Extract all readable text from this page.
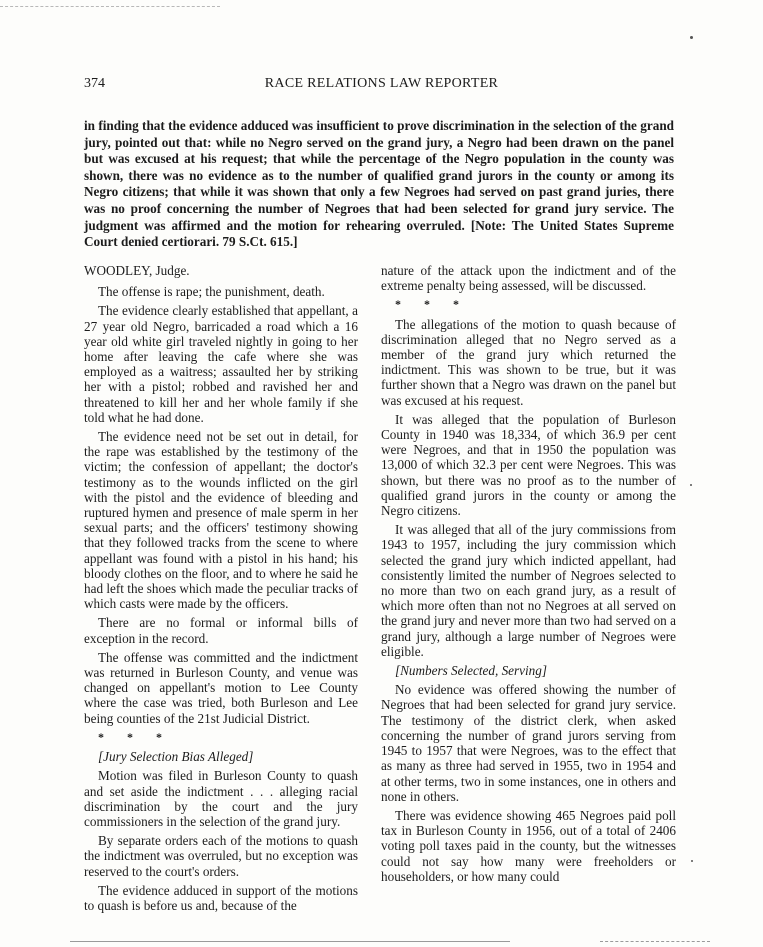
374	RACE RELATIONS LAW REPORTER
in finding that the evidence adduced was insufficient to prove discrimination in the selection of the grand jury, pointed out that: while no Negro served on the grand jury, a Negro had been drawn on the panel but was excused at his request; that while the percentage of the Negro population in the county was shown, there was no evidence as to the number of qualified grand jurors in the county or among its Negro citizens; that while it was shown that only a few Negroes had served on past grand juries, there was no proof concerning the number of Negroes that had been selected for grand jury service. The judgment was affirmed and the motion for rehearing overruled. [Note: The United States Supreme Court denied certiorari. 79 S.Ct. 615.]

WOODLEY, Judge.

The offense is rape; the punishment, death.

The evidence clearly established that appellant, a 27 year old Negro, barricaded a road which a 16 year old white girl traveled nightly in going to her home after leaving the cafe where she was employed as a waitress; assaulted her by striking her with a pistol; robbed and ravished her and threatened to kill her and her whole family if she told what he had done.

The evidence need not be set out in detail, for the rape was established by the testimony of the victim; the confession of appellant; the doctor's testimony as to the wounds inflicted on the girl with the pistol and the evidence of bleeding and ruptured hymen and presence of male sperm in her sexual parts; and the officers' testimony showing that they followed tracks from the scene to where appellant was found with a pistol in his hand; his bloody clothes on the floor, and to where he said he had left the shoes which made the peculiar tracks of which casts were made by the officers.

There are no formal or informal bills of exception in the record.

The offense was committed and the indictment was returned in Burleson County, and venue was changed on appellant's motion to Lee County where the case was tried, both Burleson and Lee being counties of the 21st Judicial District.

* * *

[Jury Selection Bias Alleged]

Motion was filed in Burleson County to quash and set aside the indictment . . . alleging racial discrimination by the court and the jury commissioners in the selection of the grand jury.

By separate orders each of the motions to quash the indictment was overruled, but no exception was reserved to the court's orders.

The evidence adduced in support of the motions to quash is before us and, because of the

nature of the attack upon the indictment and of the extreme penalty being assessed, will be discussed.

* * *

The allegations of the motion to quash because of discrimination alleged that no Negro served as a member of the grand jury which returned the indictment. This was shown to be true, but it was further shown that a Negro was drawn on the panel but was excused at his request.

It was alleged that the population of Burleson County in 1940 was 18,334, of which 36.9 per cent were Negroes, and that in 1950 the population was 13,000 of which 32.3 per cent were Negroes. This was shown, but there was no proof as to the number of qualified grand jurors in the county or among the Negro citizens.

It was alleged that all of the jury commissions from 1943 to 1957, including the jury commission which selected the grand jury which indicted appellant, had consistently limited the number of Negroes selected to no more than two on each grand jury, as a result of which more often than not no Negroes at all served on the grand jury and never more than two had served on a grand jury, although a large number of Negroes were eligible.

[Numbers Selected, Serving]

No evidence was offered showing the number of Negroes that had been selected for grand jury service. The testimony of the district clerk, when asked concerning the number of grand jurors serving from 1945 to 1957 that were Negroes, was to the effect that as many as three had served in 1955, two in 1954 and at other terms, two in some instances, one in others and none in others.

There was evidence showing 465 Negroes paid poll tax in Burleson County in 1956, out of a total of 2406 voting poll taxes paid in the county, but the witnesses could not say how many were freeholders or householders, or how many could
